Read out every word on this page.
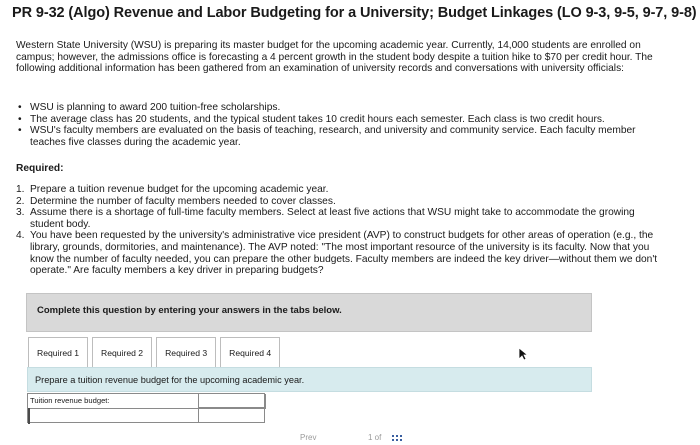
PR 9-32 (Algo) Revenue and Labor Budgeting for a University; Budget Linkages (LO 9-3, 9-5, 9-7, 9-8)
Western State University (WSU) is preparing its master budget for the upcoming academic year. Currently, 14,000 students are enrolled on campus; however, the admissions office is forecasting a 4 percent growth in the student body despite a tuition hike to $70 per credit hour. The following additional information has been gathered from an examination of university records and conversations with university officials:
• WSU is planning to award 200 tuition-free scholarships.
• The average class has 20 students, and the typical student takes 10 credit hours each semester. Each class is two credit hours.
• WSU's faculty members are evaluated on the basis of teaching, research, and university and community service. Each faculty member teaches five classes during the academic year.
Required:
1. Prepare a tuition revenue budget for the upcoming academic year.
2. Determine the number of faculty members needed to cover classes.
3. Assume there is a shortage of full-time faculty members. Select at least five actions that WSU might take to accommodate the growing student body.
4. You have been requested by the university's administrative vice president (AVP) to construct budgets for other areas of operation (e.g., the library, grounds, dormitories, and maintenance). The AVP noted: "The most important resource of the university is its faculty. Now that you know the number of faculty needed, you can prepare the other budgets. Faculty members are indeed the key driver—without them we don't operate." Are faculty members a key driver in preparing budgets?
Complete this question by entering your answers in the tabs below.
Required 1	Required 2	Required 3	Required 4
Prepare a tuition revenue budget for the upcoming academic year.
Tuition revenue budget:
Prev	1 of
